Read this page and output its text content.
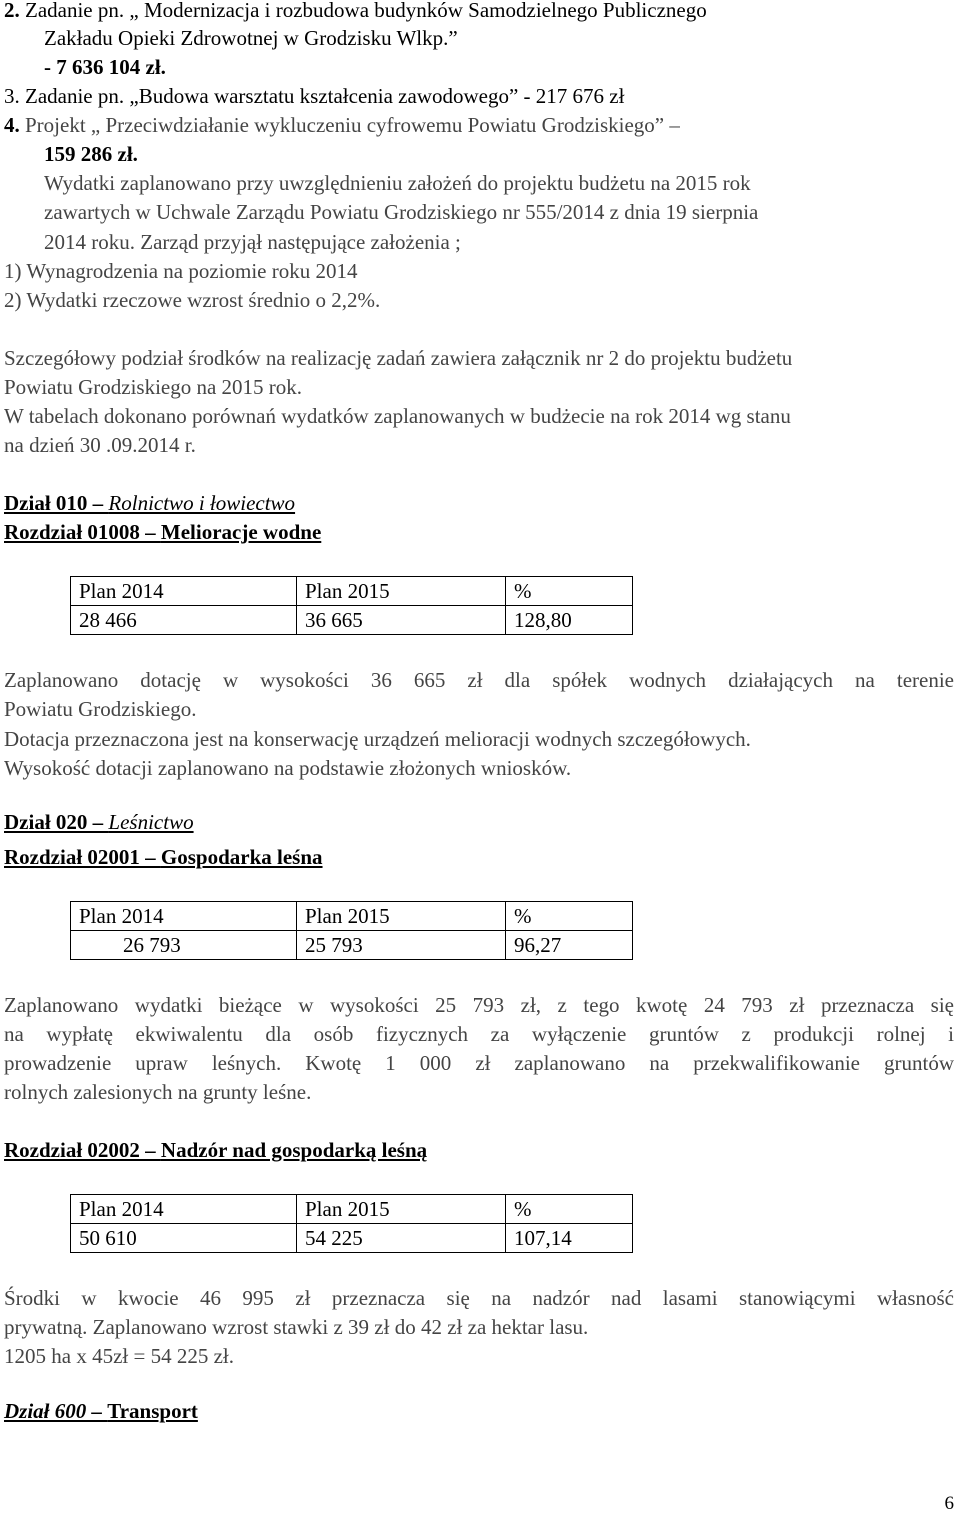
2. Zadanie pn. „ Modernizacja i rozbudowa budynków Samodzielnego Publicznego
Zakładu Opieki Zdrowotnej w Grodzisku Wlkp.”
- 7 636 104 zł.
3. Zadanie pn. „Budowa warsztatu kształcenia zawodowego” - 217 676 zł
4. Projekt „ Przeciwdziałanie wykluczeniu cyfrowemu Powiatu Grodziskiego” –
159 286 zł.
Wydatki zaplanowano przy uwzględnieniu założeń do projektu budżetu na 2015 rok
zawartych w Uchwale Zarządu Powiatu Grodziskiego nr 555/2014 z dnia 19 sierpnia
2014 roku. Zarząd przyjął następujące założenia ;
1) Wynagrodzenia na poziomie roku 2014
2) Wydatki rzeczowe wzrost średnio o 2,2%.
Szczegółowy podział środków na realizację zadań zawiera załącznik nr 2 do projektu budżetu
Powiatu Grodziskiego na 2015 rok.
W tabelach dokonano porównań wydatków zaplanowanych w budżecie na rok 2014 wg stanu
na dzień 30 .09.2014 r.
Dział 010 – Rolnictwo i łowiectwo
Rozdział 01008 – Melioracje wodne
Plan 2014	Plan 2015	%
28 466	36 665	128,80
Zaplanowano dotację w wysokości 36 665 zł dla spółek wodnych działających na terenie
Powiatu Grodziskiego.
Dotacja przeznaczona jest na konserwację urządzeń melioracji wodnych szczegółowych.
Wysokość dotacji zaplanowano na podstawie złożonych wniosków.
Dział 020 – Leśnictwo
Rozdział 02001 – Gospodarka leśna
Plan 2014	Plan 2015	%
26 793	25 793	96,27
Zaplanowano wydatki bieżące w wysokości 25 793 zł, z tego kwotę 24 793 zł przeznacza się
na wypłatę ekwiwalentu dla osób fizycznych za wyłączenie gruntów z produkcji rolnej i
prowadzenie upraw leśnych. Kwotę 1 000 zł zaplanowano na przekwalifikowanie gruntów
rolnych zalesionych na grunty leśne.
Rozdział 02002 – Nadzór nad gospodarką leśną
Plan 2014	Plan 2015	%
50 610	54 225	107,14
Środki w kwocie 46 995 zł przeznacza się na nadzór nad lasami stanowiącymi własność
prywatną. Zaplanowano wzrost stawki z 39 zł do 42 zł za hektar lasu.
1205 ha x 45zł = 54 225 zł.
Dział 600 – Transport
6
